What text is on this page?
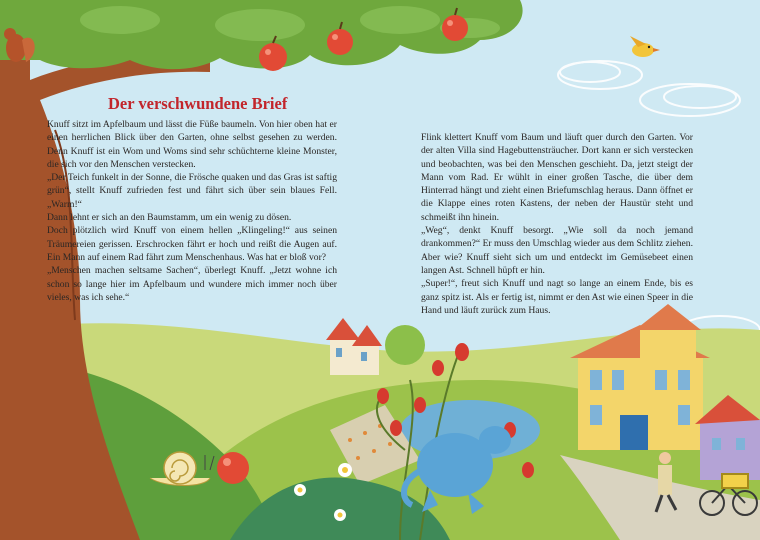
Der verschwundene Brief

Knuff sitzt im Apfelbaum und lässt die Füße baumeln. Von hier oben hat er einen herrlichen Blick über den Garten, ohne selbst gesehen zu werden. Denn Knuff ist ein Wom und Woms sind sehr schüchterne kleine Monster, die sich vor den Menschen verstecken.

„Der Teich funkelt in der Sonne, die Frösche quaken und das Gras ist saftig grün“, stellt Knuff zufrieden fest und fährt sich über sein blaues Fell. „Warm!“

Dann lehnt er sich an den Baumstamm, um ein wenig zu dösen.

Doch plötzlich wird Knuff von einem hellen „Klingeling!“ aus seinen Träumereien gerissen. Erschrocken fährt er hoch und reißt die Augen auf. Ein Mann auf einem Rad fährt zum Menschenhaus. Was hat er bloß vor?

„Menschen machen seltsame Sachen“, überlegt Knuff. „Jetzt wohne ich schon so lange hier im Apfelbaum und wundere mich immer noch über vieles, was ich sehe.“

Flink klettert Knuff vom Baum und läuft quer durch den Garten. Vor der alten Villa sind Hagebuttensträucher. Dort kann er sich verstecken und beobachten, was bei den Menschen geschieht. Da, jetzt steigt der Mann vom Rad. Er wühlt in einer großen Tasche, die über dem Hinterrad hängt und zieht einen Briefumschlag heraus. Dann öffnet er die Klappe eines roten Kastens, der neben der Haustür steht und schmeißt ihn hinein.

„Weg“, denkt Knuff besorgt. „Wie soll da noch jemand drankommen?“ Er muss den Umschlag wieder aus dem Schlitz ziehen. Aber wie? Knuff sieht sich um und entdeckt im Gemüsebeet einen langen Ast. Schnell hüpft er hin.

„Super!“, freut sich Knuff und nagt so lange an einem Ende, bis es ganz spitz ist. Als er fertig ist, nimmt er den Ast wie einen Speer in die Hand und läuft zurück zum Haus.
